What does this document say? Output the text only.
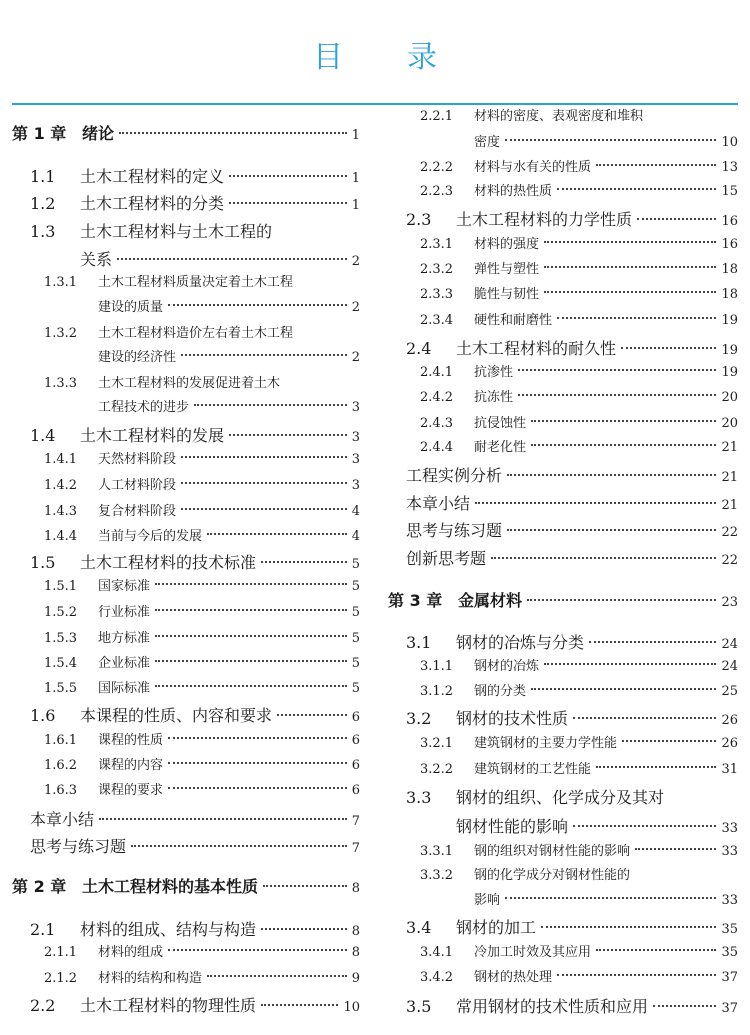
目录
第 1 章 绪论	1
1.1	土木工程材料的定义	1
1.2	土木工程材料的分类	1
1.3	土木工程材料与土木工程的
关系	2
1.3.1	土木工程材料质量决定着土木工程
建设的质量	2
1.3.2	土木工程材料造价左右着土木工程
建设的经济性	2
1.3.3	土木工程材料的发展促进着土木
工程技术的进步	3
1.4	土木工程材料的发展	3
1.4.1	天然材料阶段	3
1.4.2	人工材料阶段	3
1.4.3	复合材料阶段	4
1.4.4	当前与今后的发展	4
1.5	土木工程材料的技术标准	5
1.5.1	国家标准	5
1.5.2	行业标准	5
1.5.3	地方标准	5
1.5.4	企业标准	5
1.5.5	国际标准	5
1.6	本课程的性质、内容和要求	6
1.6.1	课程的性质	6
1.6.2	课程的内容	6
1.6.3	课程的要求	6
本章小结	7
思考与练习题	7
第 2 章 土木工程材料的基本性质	8
2.1	材料的组成、结构与构造	8
2.1.1	材料的组成	8
2.1.2	材料的结构和构造	9
2.2	土木工程材料的物理性质	10
2.2.1	材料的密度、表观密度和堆积
密度	10
2.2.2	材料与水有关的性质	13
2.2.3	材料的热性质	15
2.3	土木工程材料的力学性质	16
2.3.1	材料的强度	16
2.3.2	弹性与塑性	18
2.3.3	脆性与韧性	18
2.3.4	硬性和耐磨性	19
2.4	土木工程材料的耐久性	19
2.4.1	抗渗性	19
2.4.2	抗冻性	20
2.4.3	抗侵蚀性	20
2.4.4	耐老化性	21
工程实例分析	21
本章小结	21
思考与练习题	22
创新思考题	22
第 3 章 金属材料	23
3.1	钢材的冶炼与分类	24
3.1.1	钢材的冶炼	24
3.1.2	钢的分类	25
3.2	钢材的技术性质	26
3.2.1	建筑钢材的主要力学性能	26
3.2.2	建筑钢材的工艺性能	31
3.3	钢材的组织、化学成分及其对
钢材性能的影响	33
3.3.1	钢的组织对钢材性能的影响	33
3.3.2	钢的化学成分对钢材性能的
影响	33
3.4	钢材的加工	35
3.4.1	冷加工时效及其应用	35
3.4.2	钢材的热处理	37
3.5	常用钢材的技术性质和应用	37
